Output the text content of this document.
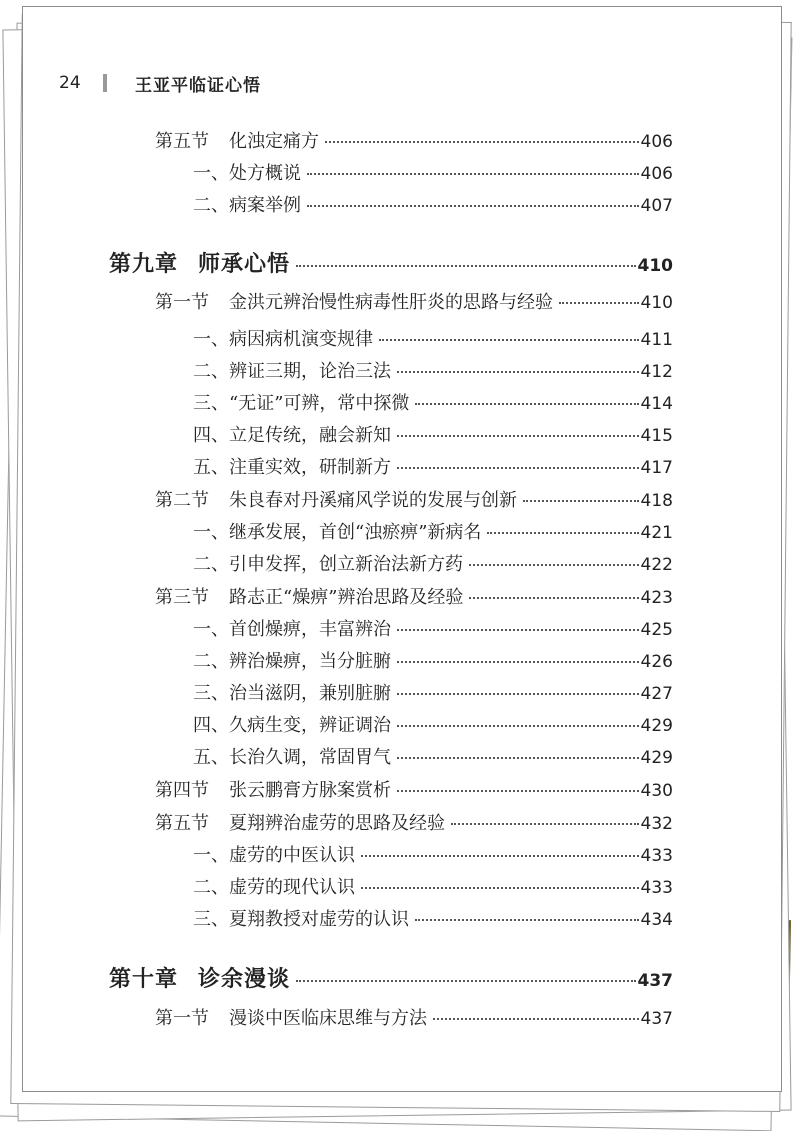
24	王亚平临证心悟
第五节 化浊定痛方	406
一、处方概说	406
二、病案举例	407
第九章 师承心悟	410
第一节 金洪元辨治慢性病毒性肝炎的思路与经验	410
一、病因病机演变规律	411
二、辨证三期，论治三法	412
三、“无证”可辨，常中探微	414
四、立足传统，融会新知	415
五、注重实效，研制新方	417
第二节 朱良春对丹溪痛风学说的发展与创新	418
一、继承发展，首创“浊瘀痹”新病名	421
二、引申发挥，创立新治法新方药	422
第三节 路志正“燥痹”辨治思路及经验	423
一、首创燥痹，丰富辨治	425
二、辨治燥痹，当分脏腑	426
三、治当滋阴，兼别脏腑	427
四、久病生变，辨证调治	429
五、长治久调，常固胃气	429
第四节 张云鹏膏方脉案赏析	430
第五节 夏翔辨治虚劳的思路及经验	432
一、虚劳的中医认识	433
二、虚劳的现代认识	433
三、夏翔教授对虚劳的认识	434
第十章 诊余漫谈	437
第一节 漫谈中医临床思维与方法	437
